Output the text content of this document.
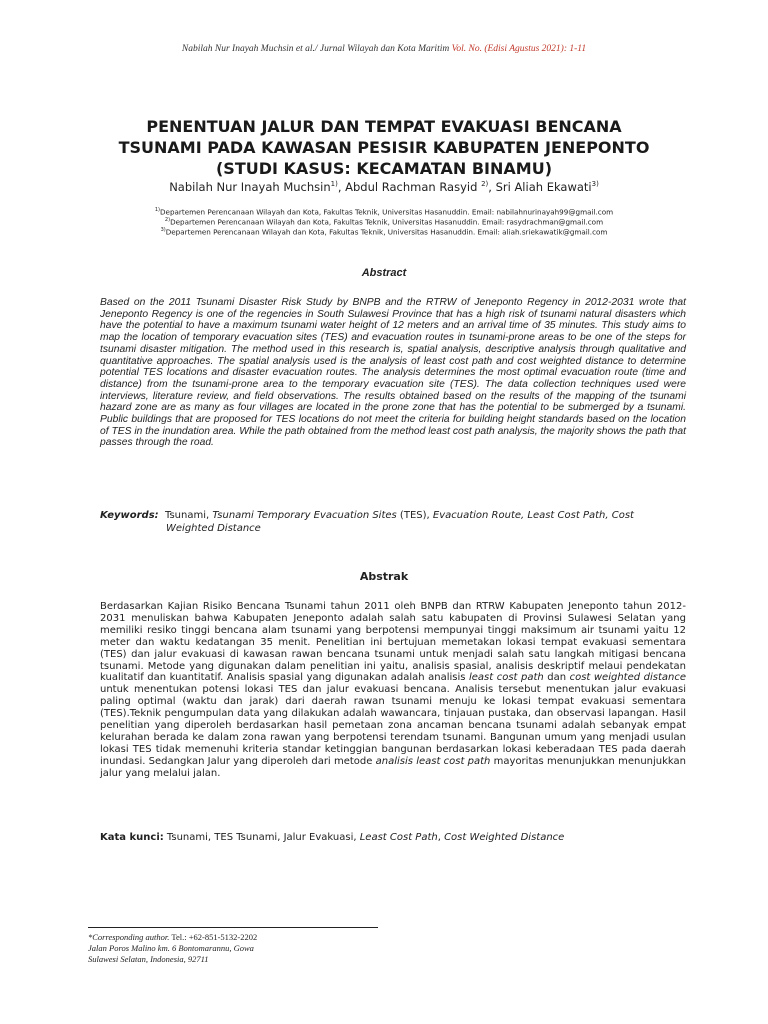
Nabilah Nur Inayah Muchsin et al./ Jurnal Wilayah dan Kota Maritim Vol. No. (Edisi Agustus 2021): 1-11
PENENTUAN JALUR DAN TEMPAT EVAKUASI BENCANA
TSUNAMI PADA KAWASAN PESISIR KABUPATEN JENEPONTO
(STUDI KASUS: KECAMATAN BINAMU)
Nabilah Nur Inayah Muchsin$^{1)}$, Abdul Rachman Rasyid $^{2)}$, Sri Aliah Ekawati$^{3)}$
$^{1)}$Departemen Perencanaan Wilayah dan Kota, Fakultas Teknik, Universitas Hasanuddin. Email: nabilahnurinayah99@gmail.com
$^{2)}$Departemen Perencanaan Wilayah dan Kota, Fakultas Teknik, Universitas Hasanuddin. Email: rasydrachman@gmail.com
$^{3)}$Departemen Perencanaan Wilayah dan Kota, Fakultas Teknik, Universitas Hasanuddin. Email: aliah.sriekawatik@gmail.com
Abstract
Based on the 2011 Tsunami Disaster Risk Study by BNPB and the RTRW of Jeneponto Regency in 2012-2031 wrote that Jeneponto Regency is one of the regencies in South Sulawesi Province that has a high risk of tsunami natural disasters which have the potential to have a maximum tsunami water height of 12 meters and an arrival time of 35 minutes. This study aims to map the location of temporary evacuation sites (TES) and evacuation routes in tsunami-prone areas to be one of the steps for tsunami disaster mitigation. The method used in this research is, spatial analysis, descriptive analysis through qualitative and quantitative approaches. The spatial analysis used is the analysis of least cost path and cost weighted distance to determine potential TES locations and disaster evacuation routes. The analysis determines the most optimal evacuation route (time and distance) from the tsunami-prone area to the temporary evacuation site (TES). The data collection techniques used were interviews, literature review, and field observations. The results obtained based on the results of the mapping of the tsunami hazard zone are as many as four villages are located in the prone zone that has the potential to be submerged by a tsunami. Public buildings that are proposed for TES locations do not meet the criteria for building height standards based on the location of TES in the inundation area. While the path obtained from the method least cost path analysis, the majority shows the path that passes through the road.
Keywords: Tsunami, Tsunami Temporary Evacuation Sites (TES), Evacuation Route, Least Cost Path, Cost
Weighted Distance
Abstrak
Berdasarkan Kajian Risiko Bencana Tsunami tahun 2011 oleh BNPB dan RTRW Kabupaten Jeneponto tahun 2012-2031 menuliskan bahwa Kabupaten Jeneponto adalah salah satu kabupaten di Provinsi Sulawesi Selatan yang memiliki resiko tinggi bencana alam tsunami yang berpotensi mempunyai tinggi maksimum air tsunami yaitu 12 meter dan waktu kedatangan 35 menit. Penelitian ini bertujuan memetakan lokasi tempat evakuasi sementara (TES) dan jalur evakuasi di kawasan rawan bencana tsunami untuk menjadi salah satu langkah mitigasi bencana tsunami. Metode yang digunakan dalam penelitian ini yaitu, analisis spasial, analisis deskriptif melaui pendekatan kualitatif dan kuantitatif. Analisis spasial yang digunakan adalah analisis least cost path dan cost weighted distance untuk menentukan potensi lokasi TES dan jalur evakuasi bencana. Analisis tersebut menentukan jalur evakuasi paling optimal (waktu dan jarak) dari daerah rawan tsunami menuju ke lokasi tempat evakuasi sementara (TES).Teknik pengumpulan data yang dilakukan adalah wawancara, tinjauan pustaka, dan observasi lapangan. Hasil penelitian yang diperoleh berdasarkan hasil pemetaan zona ancaman bencana tsunami adalah sebanyak empat kelurahan berada ke dalam zona rawan yang berpotensi terendam tsunami. Bangunan umum yang menjadi usulan lokasi TES tidak memenuhi kriteria standar ketinggian bangunan berdasarkan lokasi keberadaan TES pada daerah inundasi. Sedangkan Jalur yang diperoleh dari metode analisis least cost path mayoritas menunjukkan menunjukkan jalur yang melalui jalan.
Kata kunci: Tsunami, TES Tsunami, Jalur Evakuasi, Least Cost Path, Cost Weighted Distance
*Corresponding author. Tel.: +62-851-5132-2202
Jalan Poros Malino km. 6 Bontomarannu, Gowa
Sulawesi Selatan, Indonesia, 92711
